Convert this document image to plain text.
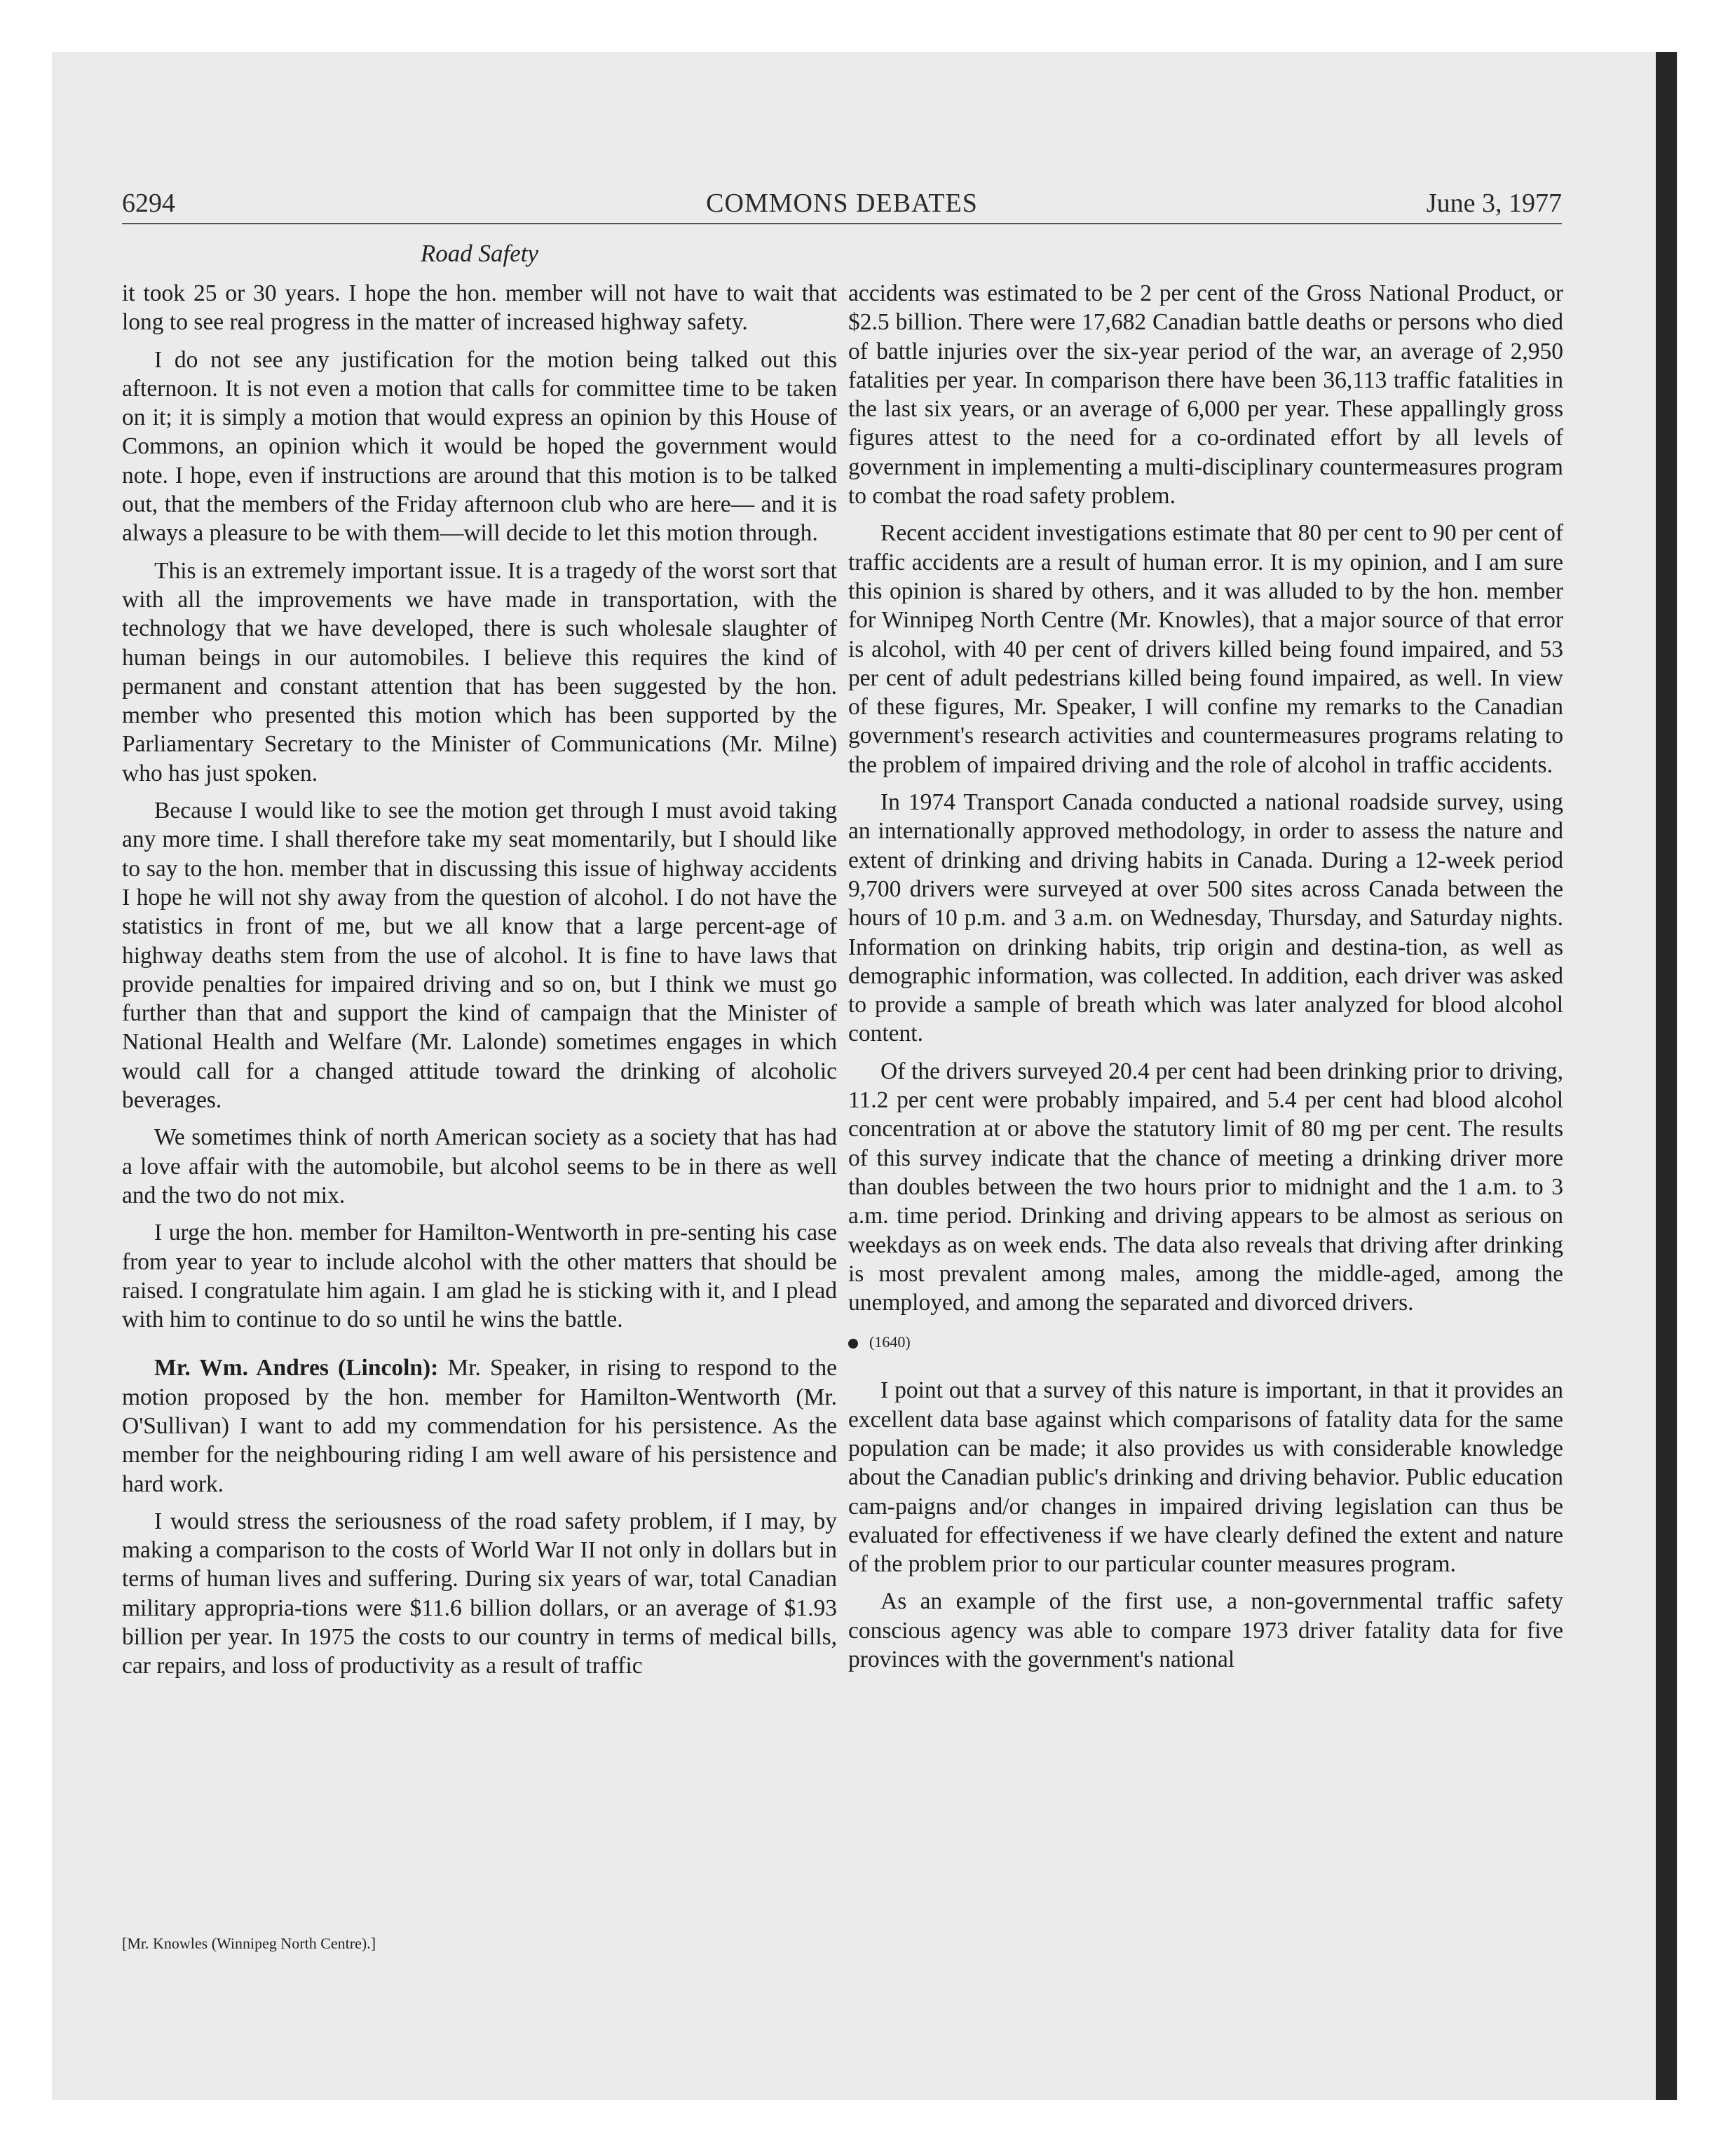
6294	COMMONS DEBATES	June 3, 1977
Road Safety

it took 25 or 30 years. I hope the hon. member will not have to wait that long to see real progress in the matter of increased highway safety.

I do not see any justification for the motion being talked out this afternoon. It is not even a motion that calls for committee time to be taken on it; it is simply a motion that would express an opinion by this House of Commons, an opinion which it would be hoped the government would note. I hope, even if instructions are around that this motion is to be talked out, that the members of the Friday afternoon club who are here— and it is always a pleasure to be with them—will decide to let this motion through.

This is an extremely important issue. It is a tragedy of the worst sort that with all the improvements we have made in transportation, with the technology that we have developed, there is such wholesale slaughter of human beings in our automobiles. I believe this requires the kind of permanent and constant attention that has been suggested by the hon. member who presented this motion which has been supported by the Parliamentary Secretary to the Minister of Communications (Mr. Milne) who has just spoken.

Because I would like to see the motion get through I must avoid taking any more time. I shall therefore take my seat momentarily, but I should like to say to the hon. member that in discussing this issue of highway accidents I hope he will not shy away from the question of alcohol. I do not have the statistics in front of me, but we all know that a large percent-age of highway deaths stem from the use of alcohol. It is fine to have laws that provide penalties for impaired driving and so on, but I think we must go further than that and support the kind of campaign that the Minister of National Health and Welfare (Mr. Lalonde) sometimes engages in which would call for a changed attitude toward the drinking of alcoholic beverages.

We sometimes think of north American society as a society that has had a love affair with the automobile, but alcohol seems to be in there as well and the two do not mix.

I urge the hon. member for Hamilton-Wentworth in pre-senting his case from year to year to include alcohol with the other matters that should be raised. I congratulate him again. I am glad he is sticking with it, and I plead with him to continue to do so until he wins the battle.

Mr. Wm. Andres (Lincoln): Mr. Speaker, in rising to respond to the motion proposed by the hon. member for Hamilton-Wentworth (Mr. O'Sullivan) I want to add my commendation for his persistence. As the member for the neighbouring riding I am well aware of his persistence and hard work.

I would stress the seriousness of the road safety problem, if I may, by making a comparison to the costs of World War II not only in dollars but in terms of human lives and suffering. During six years of war, total Canadian military appropria-tions were $11.6 billion dollars, or an average of $1.93 billion per year. In 1975 the costs to our country in terms of medical bills, car repairs, and loss of productivity as a result of traffic

[Mr. Knowles (Winnipeg North Centre).]

accidents was estimated to be 2 per cent of the Gross National Product, or $2.5 billion. There were 17,682 Canadian battle deaths or persons who died of battle injuries over the six-year period of the war, an average of 2,950 fatalities per year. In comparison there have been 36,113 traffic fatalities in the last six years, or an average of 6,000 per year. These appallingly gross figures attest to the need for a co-ordinated effort by all levels of government in implementing a multi-disciplinary countermeasures program to combat the road safety problem.

Recent accident investigations estimate that 80 per cent to 90 per cent of traffic accidents are a result of human error. It is my opinion, and I am sure this opinion is shared by others, and it was alluded to by the hon. member for Winnipeg North Centre (Mr. Knowles), that a major source of that error is alcohol, with 40 per cent of drivers killed being found impaired, and 53 per cent of adult pedestrians killed being found impaired, as well. In view of these figures, Mr. Speaker, I will confine my remarks to the Canadian government's research activities and countermeasures programs relating to the problem of impaired driving and the role of alcohol in traffic accidents.

In 1974 Transport Canada conducted a national roadside survey, using an internationally approved methodology, in order to assess the nature and extent of drinking and driving habits in Canada. During a 12-week period 9,700 drivers were surveyed at over 500 sites across Canada between the hours of 10 p.m. and 3 a.m. on Wednesday, Thursday, and Saturday nights. Information on drinking habits, trip origin and destina-tion, as well as demographic information, was collected. In addition, each driver was asked to provide a sample of breath which was later analyzed for blood alcohol content.

Of the drivers surveyed 20.4 per cent had been drinking prior to driving, 11.2 per cent were probably impaired, and 5.4 per cent had blood alcohol concentration at or above the statutory limit of 80 mg per cent. The results of this survey indicate that the chance of meeting a drinking driver more than doubles between the two hours prior to midnight and the 1 a.m. to 3 a.m. time period. Drinking and driving appears to be almost as serious on weekdays as on week ends. The data also reveals that driving after drinking is most prevalent among males, among the middle-aged, among the unemployed, and among the separated and divorced drivers.

(1640)

I point out that a survey of this nature is important, in that it provides an excellent data base against which comparisons of fatality data for the same population can be made; it also provides us with considerable knowledge about the Canadian public's drinking and driving behavior. Public education cam-paigns and/or changes in impaired driving legislation can thus be evaluated for effectiveness if we have clearly defined the extent and nature of the problem prior to our particular counter measures program.

As an example of the first use, a non-governmental traffic safety conscious agency was able to compare 1973 driver fatality data for five provinces with the government's national
